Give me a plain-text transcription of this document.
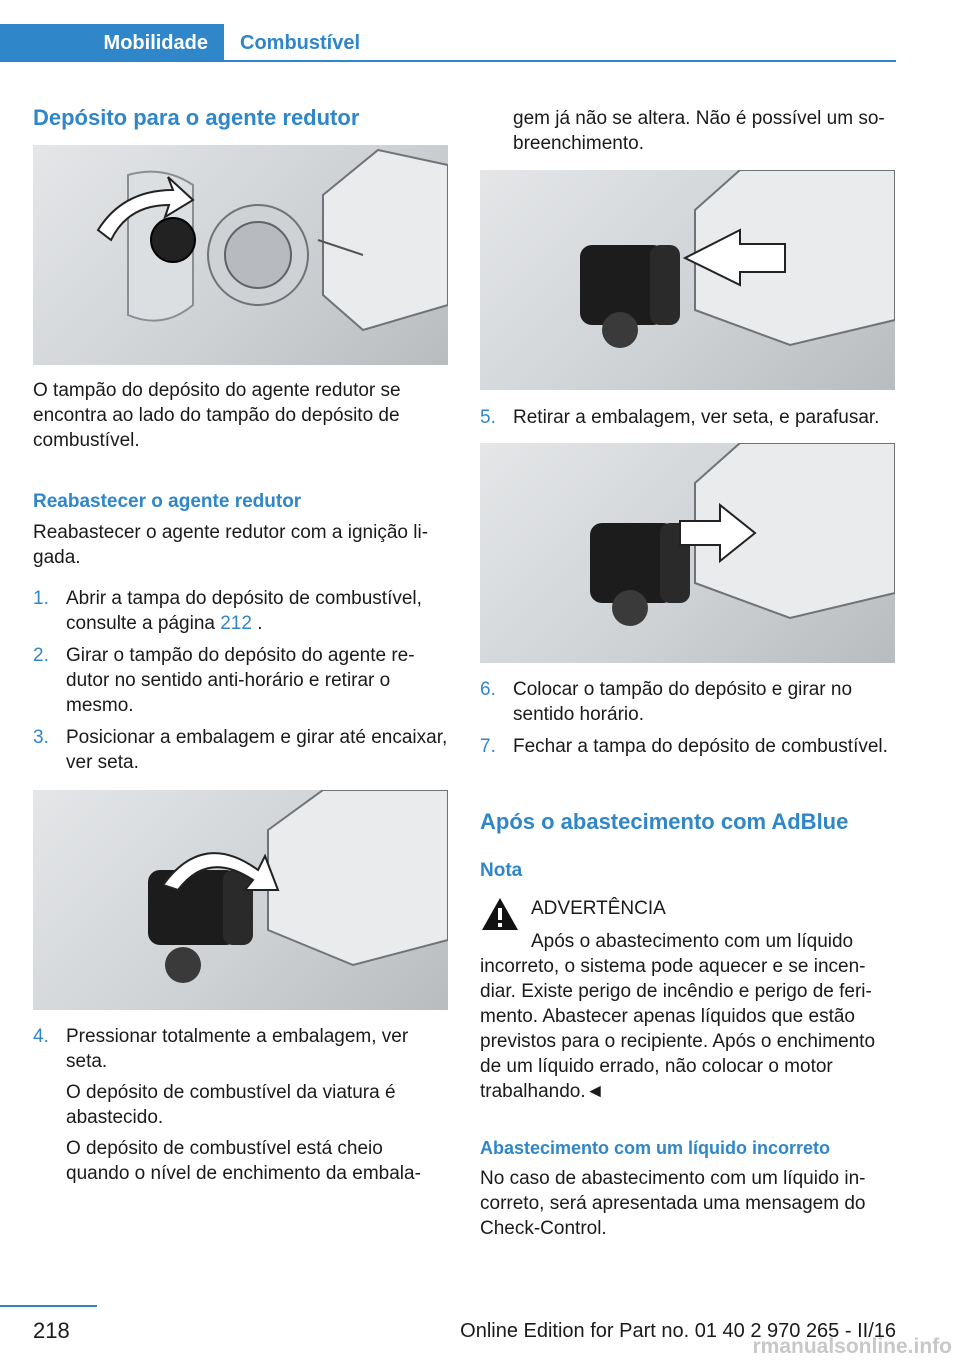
Mobilidade	Combustível
Depósito para o agente redutor

O tampão do depósito do agente redutor se encontra ao lado do tampão do depósito de combustível.

Reabastecer o agente redutor

Reabastecer o agente redutor com a ignição ligada.

1. Abrir a tampa do depósito de combustível, consulte a página 212 .
2. Girar o tampão do depósito do agente redutor no sentido anti-horário e retirar o mesmo.
3. Posicionar a embalagem e girar até encaixar, ver seta.
4. Pressionar totalmente a embalagem, ver seta.
O depósito de combustível da viatura é abastecido.
O depósito de combustível está cheio quando o nível de enchimento da embala-

gem já não se altera. Não é possível um sobreenchimento.

5. Retirar a embalagem, ver seta, e parafusar.
6. Colocar o tampão do depósito e girar no sentido horário.
7. Fechar a tampa do depósito de combustível.
Após o abastecimento com AdBlue
Nota
ADVERTÊNCIA
Após o abastecimento com um líquido

incorreto, o sistema pode aquecer e se incendiar. Existe perigo de incêndio e perigo de ferimento. Abastecer apenas líquidos que estão previstos para o recipiente. Após o enchimento de um líquido errado, não colocar o motor trabalhando.◄

Abastecimento com um líquido incorreto

No caso de abastecimento com um líquido incorreto, será apresentada uma mensagem do Check-Control.

218	Online Edition for Part no. 01 40 2 970 265 - II/16
rmanualsonline.info
